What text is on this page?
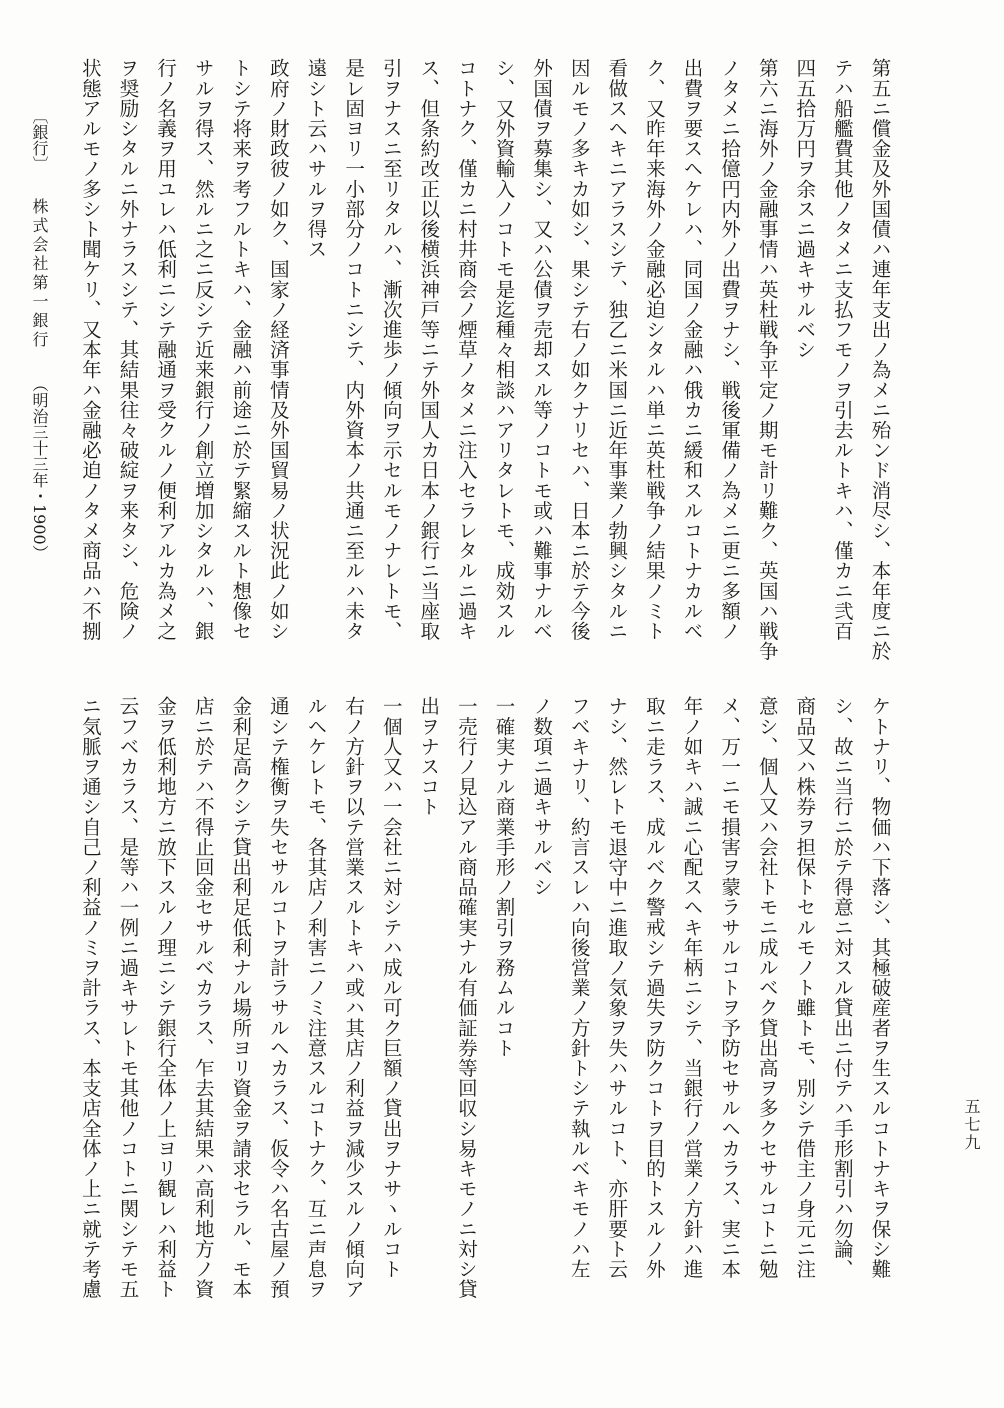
第五ニ償金及外国債ハ連年支出ノ為メニ殆ンド消尽シ、本年度ニ於
テハ船艦費其他ノタメニ支払フモノヲ引去ルトキハ、僅カニ弐百
四五拾万円ヲ余スニ過キサルベシ
第六ニ海外ノ金融事情ハ英杜戦争平定ノ期モ計リ難ク、英国ハ戦争
ノタメニ拾億円内外ノ出費ヲナシ、戦後軍備ノ為メニ更ニ多額ノ
出費ヲ要スヘケレハ、同国ノ金融ハ俄カニ緩和スルコトナカルベ
ク、又昨年来海外ノ金融必迫シタルハ単ニ英杜戦争ノ結果ノミト
看做スヘキニアラスシテ、独乙ニ米国ニ近年事業ノ勃興シタルニ
因ルモノ多キカ如シ、果シテ右ノ如クナリセハ、日本ニ於テ今後
外国債ヲ募集シ、又ハ公債ヲ売却スル等ノコトモ或ハ難事ナルベ
シ、又外資輸入ノコトモ是迄種々相談ハアリタレトモ、成効スル
コトナク、僅カニ村井商会ノ煙草ノタメニ注入セラレタルニ過キ
ス、但条約改正以後横浜神戸等ニテ外国人カ日本ノ銀行ニ当座取
引ヲナスニ至リタルハ、漸次進歩ノ傾向ヲ示セルモノナレトモ、
是レ固ヨリ一小部分ノコトニシテ、内外資本ノ共通ニ至ルハ未タ
遠シト云ハサルヲ得ス
政府ノ財政彼ノ如ク、国家ノ経済事情及外国貿易ノ状況此ノ如シ
トシテ将来ヲ考フルトキハ、金融ハ前途ニ於テ緊縮スルト想像セ
サルヲ得ス、然ルニ之ニ反シテ近来銀行ノ創立増加シタルハ、銀
行ノ名義ヲ用ユレハ低利ニシテ融通ヲ受クルノ便利アルカ為メ之
ヲ奨励シタルニ外ナラスシテ、其結果往々破綻ヲ来タシ、危険ノ
状態アルモノ多シト聞ケリ、又本年ハ金融必迫ノタメ商品ハ不捌
ケトナリ、物価ハ下落シ、其極破産者ヲ生スルコトナキヲ保シ難
シ、故ニ当行ニ於テ得意ニ対スル貸出ニ付テハ手形割引ハ勿論、
商品又ハ株券ヲ担保トセルモノト雖トモ、別シテ借主ノ身元ニ注
意シ、個人又ハ会社トモニ成ルベク貸出高ヲ多クセサルコトニ勉
メ、万一ニモ損害ヲ蒙ラサルコトヲ予防セサルヘカラス、実ニ本
年ノ如キハ誠ニ心配スヘキ年柄ニシテ、当銀行ノ営業ノ方針ハ進
取ニ走ラス、成ルベク警戒シテ過失ヲ防クコトヲ目的トスルノ外
ナシ、然レトモ退守中ニ進取ノ気象ヲ失ハサルコト、亦肝要ト云
フベキナリ、約言スレハ向後営業ノ方針トシテ執ルベキモノハ左
ノ数項ニ過キサルベシ
一確実ナル商業手形ノ割引ヲ務ムルコト
一売行ノ見込アル商品確実ナル有価証券等回収シ易キモノニ対シ貸
出ヲナスコト
一個人又ハ一会社ニ対シテハ成ル可ク巨額ノ貸出ヲナサヽルコト
右ノ方針ヲ以テ営業スルトキハ或ハ其店ノ利益ヲ減少スルノ傾向ア
ルヘケレトモ、各其店ノ利害ニノミ注意スルコトナク、互ニ声息ヲ
通シテ権衡ヲ失セサルコトヲ計ラサルヘカラス、仮令ハ名古屋ノ預
金利足高クシテ貸出利足低利ナル場所ヨリ資金ヲ請求セラル、モ本
店ニ於テハ不得止回金セサルベカラス、乍去其結果ハ高利地方ノ資
金ヲ低利地方ニ放下スルノ理ニシテ銀行全体ノ上ヨリ観レハ利益ト
云フベカラス、是等ハ一例ニ過キサレトモ其他ノコトニ関シテモ五
ニ気脈ヲ通シ自己ノ利益ノミヲ計ラス、本支店全体ノ上ニ就テ考慮	五七九
〔銀行〕株式会社第一銀行（明治三十三年・1900）
